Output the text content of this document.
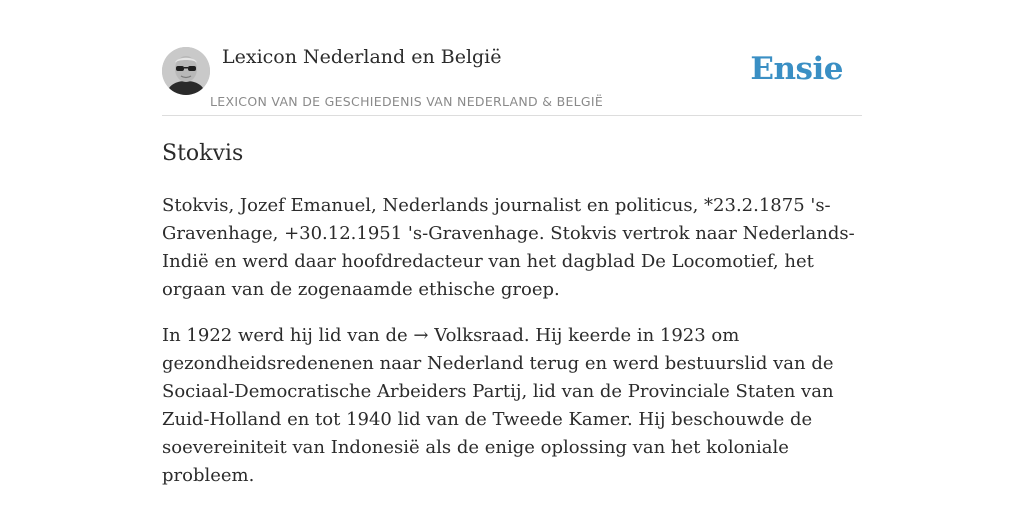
Lexicon Nederland en België
LEXICON VAN DE GESCHIEDENIS VAN NEDERLAND & BELGIË
Ensie
Stokvis

Stokvis, Jozef Emanuel, Nederlands journalist en politicus, *23.2.1875 's-Gravenhage, +30.12.1951 's-Gravenhage. Stokvis vertrok naar Nederlands-Indië en werd daar hoofdredacteur van het dagblad De Locomotief, het orgaan van de zogenaamde ethische groep.

In 1922 werd hij lid van de → Volksraad. Hij keerde in 1923 om gezondheidsredenenen naar Nederland terug en werd bestuurslid van de Sociaal-Democratische Arbeiders Partij, lid van de Provinciale Staten van Zuid-Holland en tot 1940 lid van de Tweede Kamer. Hij beschouwde de soevereiniteit van Indonesië als de enige oplossing van het koloniale probleem.
